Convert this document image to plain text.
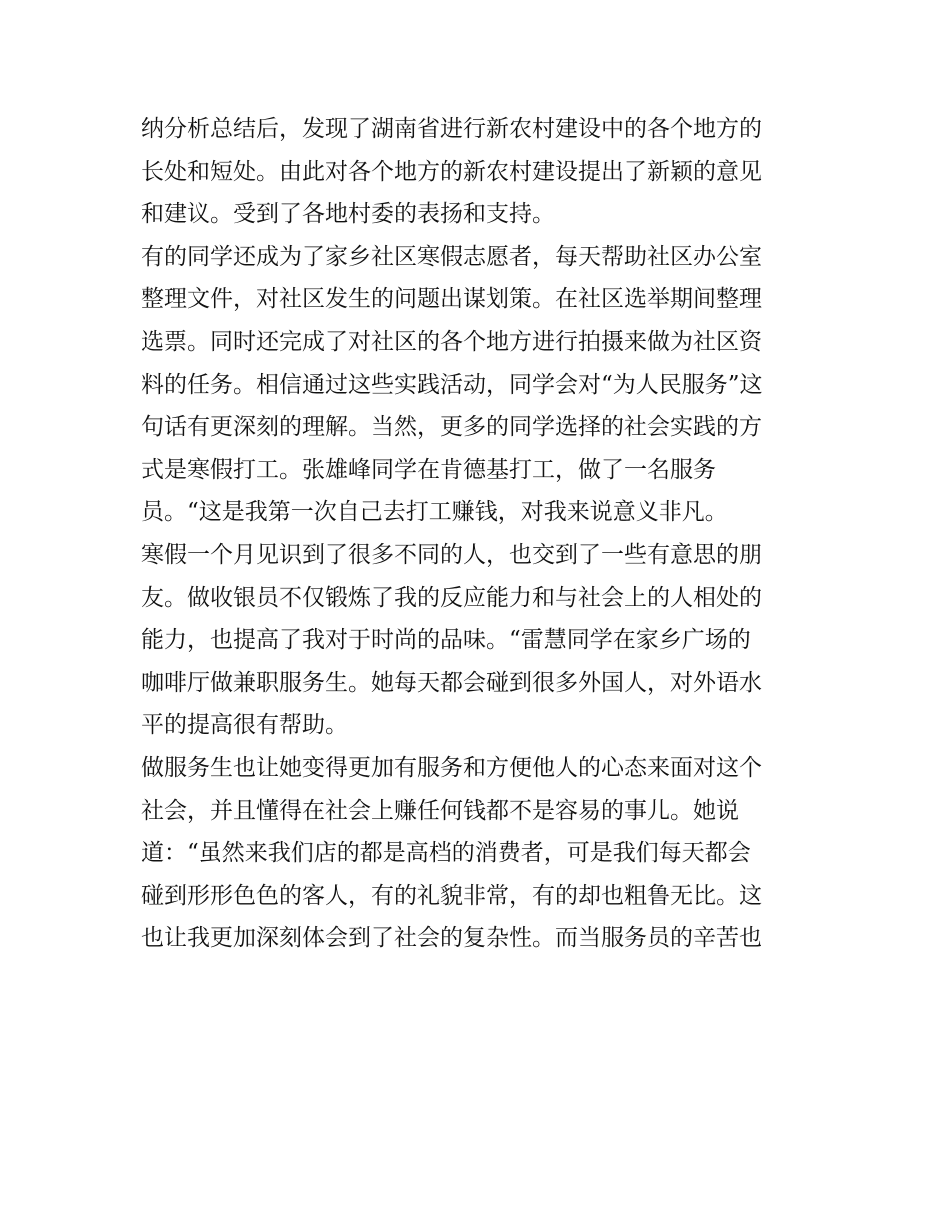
纳分析总结后，发现了湖南省进行新农村建设中的各个地方的
长处和短处。由此对各个地方的新农村建设提出了新颖的意见
和建议。受到了各地村委的表扬和支持。
有的同学还成为了家乡社区寒假志愿者，每天帮助社区办公室
整理文件，对社区发生的问题出谋划策。在社区选举期间整理
选票。同时还完成了对社区的各个地方进行拍摄来做为社区资
料的任务。相信通过这些实践活动，同学会对“为人民服务”这
句话有更深刻的理解。当然，更多的同学选择的社会实践的方
式是寒假打工。张雄峰同学在肯德基打工，做了一名服务
员。“这是我第一次自己去打工赚钱，对我来说意义非凡。
寒假一个月见识到了很多不同的人，也交到了一些有意思的朋
友。做收银员不仅锻炼了我的反应能力和与社会上的人相处的
能力，也提高了我对于时尚的品味。“雷慧同学在家乡广场的
咖啡厅做兼职服务生。她每天都会碰到很多外国人，对外语水
平的提高很有帮助。
做服务生也让她变得更加有服务和方便他人的心态来面对这个
社会，并且懂得在社会上赚任何钱都不是容易的事儿。她说
道：“虽然来我们店的都是高档的消费者，可是我们每天都会
碰到形形色色的客人，有的礼貌非常，有的却也粗鲁无比。这
也让我更加深刻体会到了社会的复杂性。而当服务员的辛苦也
